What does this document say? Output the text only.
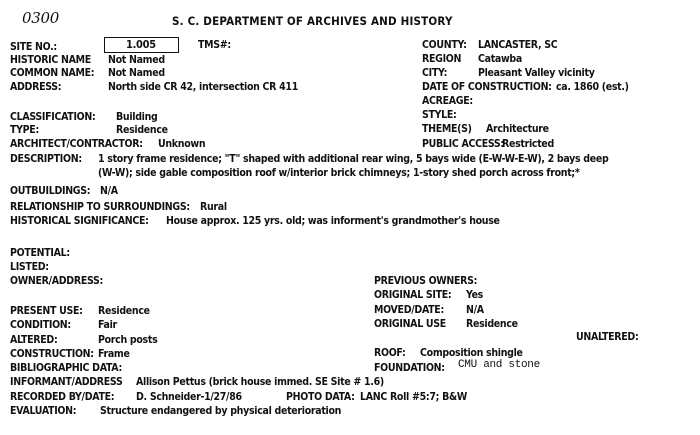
0300	S. C. DEPARTMENT OF ARCHIVES AND HISTORY
SITE NO.:	1.005	TMS#:
HISTORIC NAME Not Named
COMMON NAME: Not Named
ADDRESS:	North side CR 42, intersection CR 411
CLASSIFICATION: Building
TYPE:	Residence
ARCHITECT/CONTRACTOR: Unknown
COUNTY: LANCASTER, SC
REGION Catawba
CITY:	Pleasant Valley vicinity
DATE OF CONSTRUCTION: ca. 1860 (est.)
ACREAGE:
STYLE:
THEME(S) Architecture
PUBLIC ACCESS:
Restricted
DESCRIPTION: 1 story frame residence; "T" shaped with additional rear wing, 5 bays wide (E-W-W-E-W), 2 bays deep
(W-W); side gable composition roof w/interior brick chimneys; 1-story shed porch across front;*
OUTBUILDINGS: N/A
RELATIONSHIP TO SURROUNDINGS: Rural
HISTORICAL SIGNIFICANCE: House approx. 125 yrs. old; was informent's grandmother's house
POTENTIAL:
LISTED:
OWNER/ADDRESS:	PREVIOUS OWNERS:
ORIGINAL SITE: Yes
MOVED/DATE: N/A
ORIGINAL USE Residence
PRESENT USE: Residence
CONDITION:	Fair
UNALTERED:
ALTERED:	Porch posts
CONSTRUCTION: Frame	ROOF: Composition shingle
BIBLIOGRAPHIC DATA:	FOUNDATION: CMU and stone
INFORMANT/ADDRESS Allison Pettus (brick house immed. SE Site # 1.6)
RECORDED BY/DATE: D. Schneider-1/27/86	PHOTO DATA: LANC Roll #5:7; B&W
EVALUATION: Structure endangered by physical deterioration
